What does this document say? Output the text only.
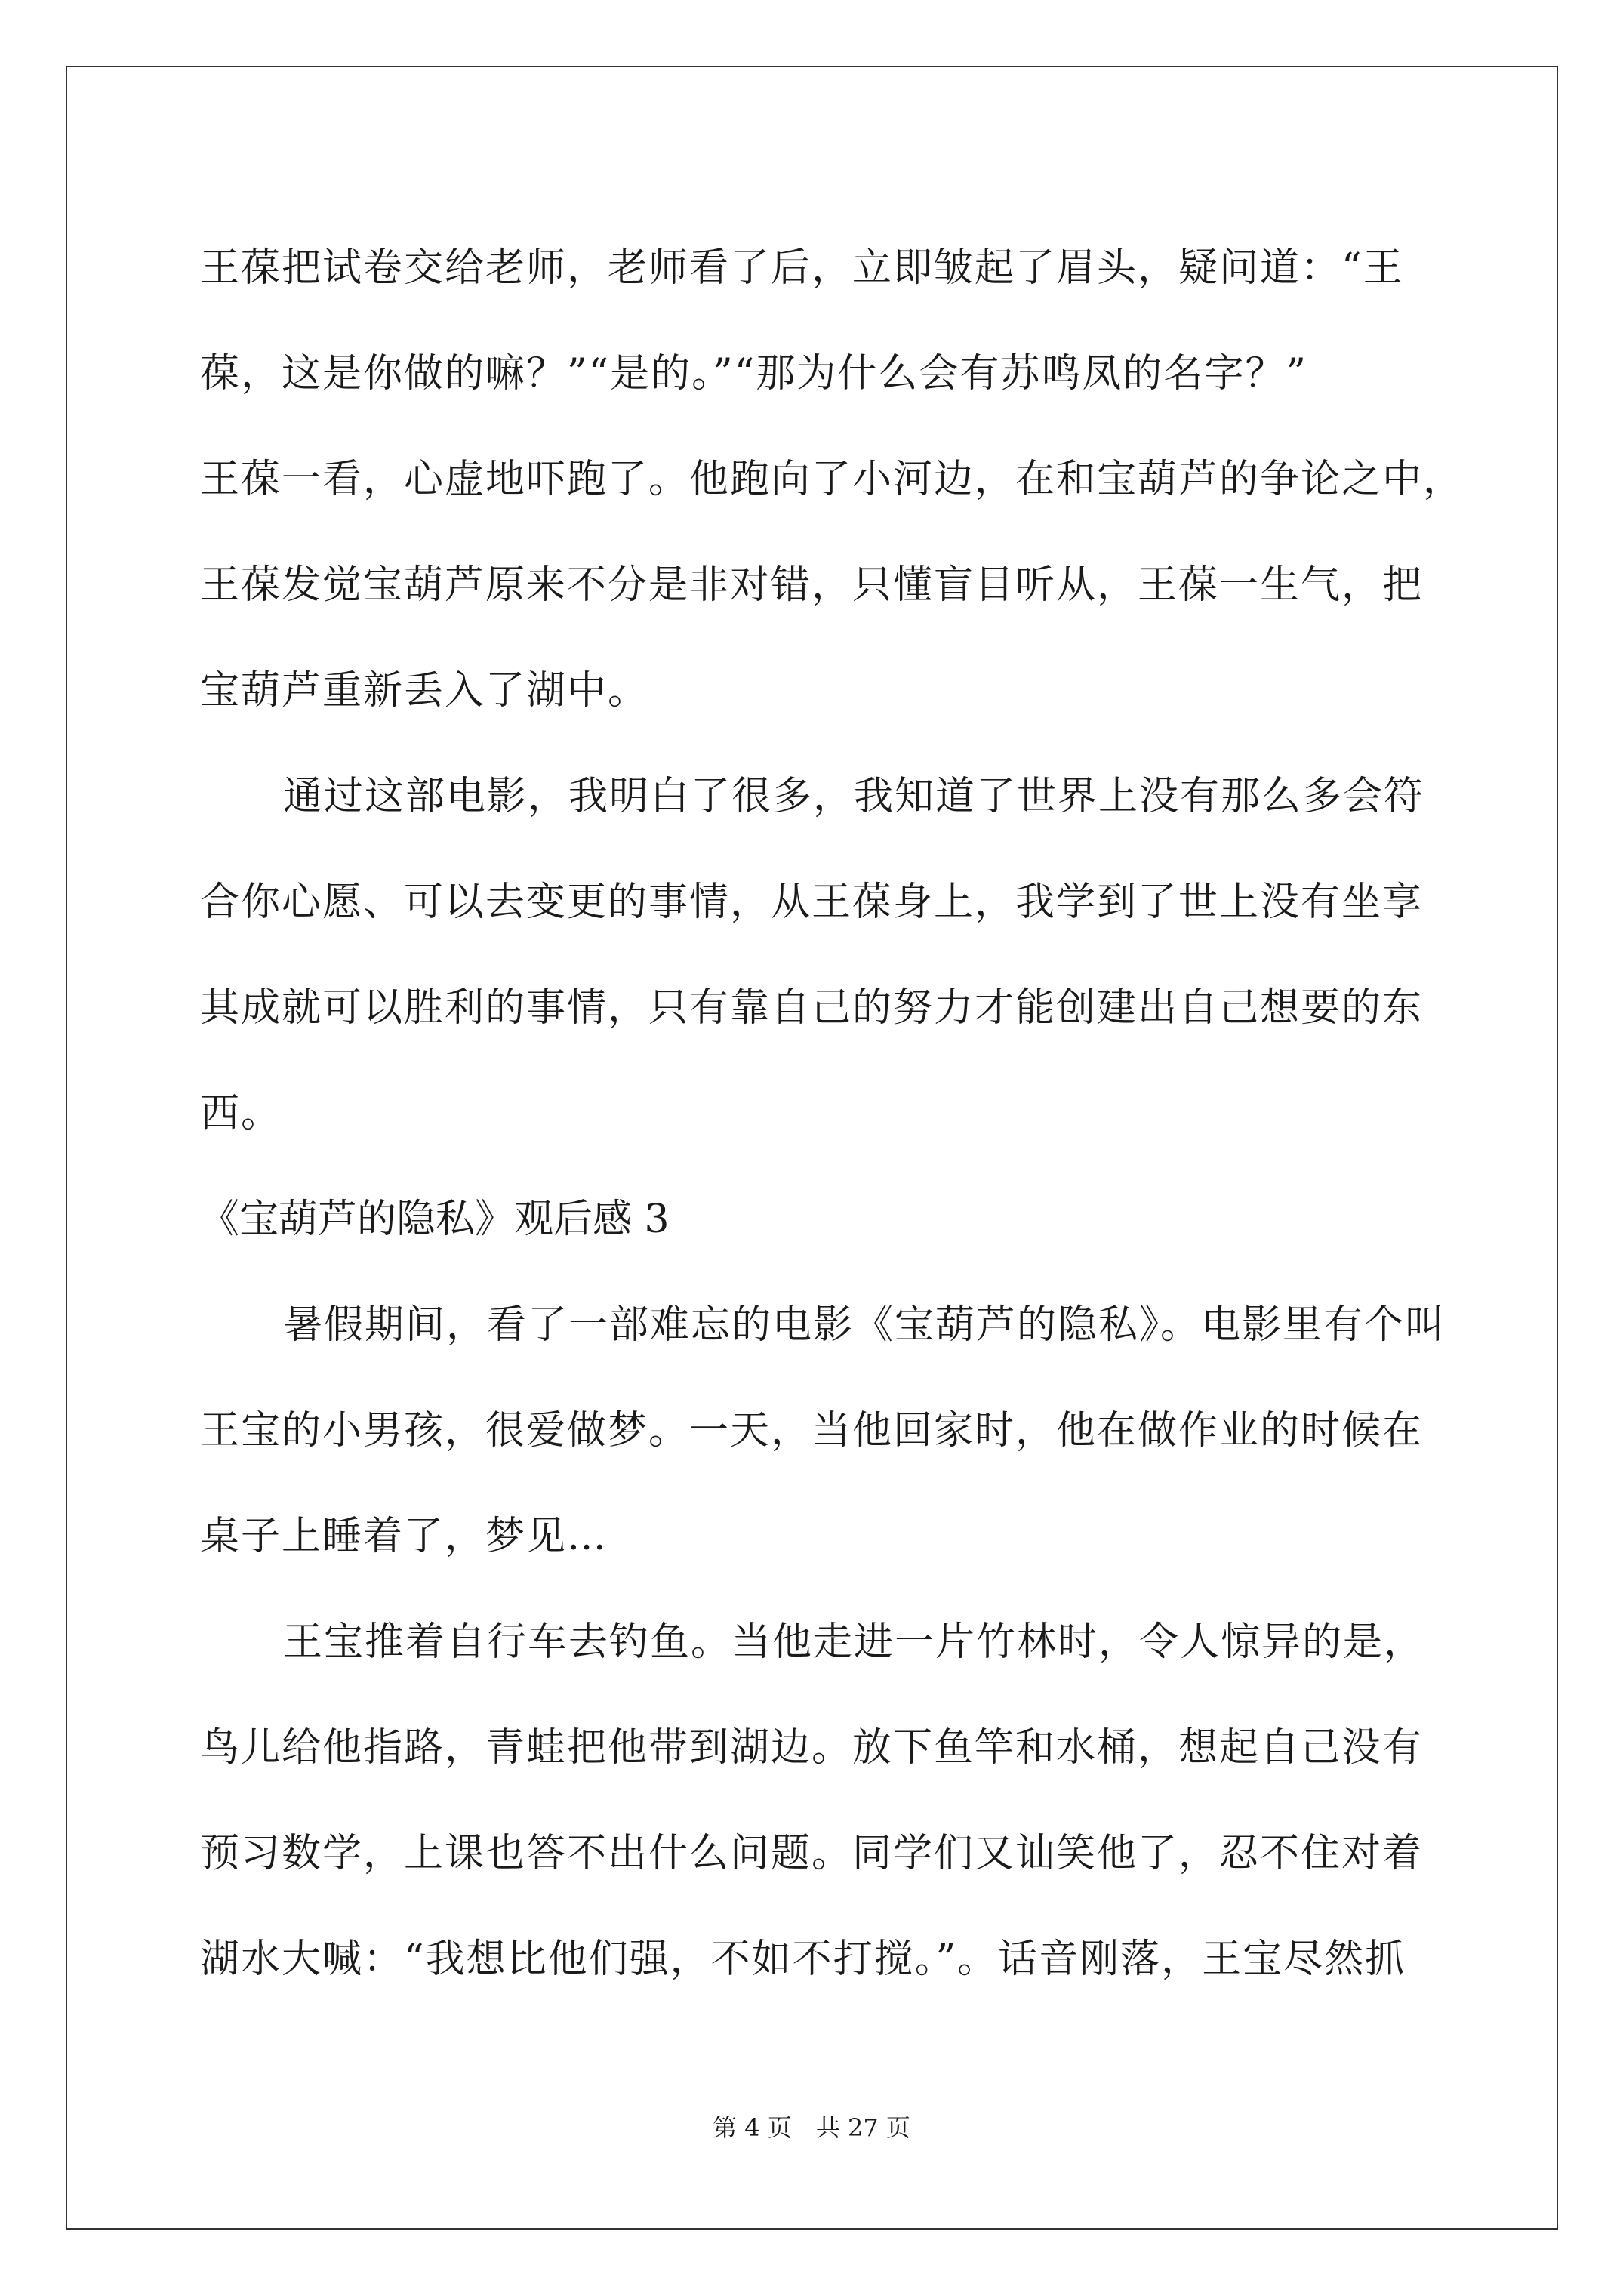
王葆把试卷交给老师，老师看了后，立即皱起了眉头，疑问道：“王
葆，这是你做的嘛？”“是的。”“那为什么会有苏鸣凤的名字？”
王葆一看，心虚地吓跑了。他跑向了小河边，在和宝葫芦的争论之中，
王葆发觉宝葫芦原来不分是非对错，只懂盲目听从，王葆一生气，把
宝葫芦重新丢入了湖中。
通过这部电影，我明白了很多，我知道了世界上没有那么多会符
合你心愿、可以去变更的事情，从王葆身上，我学到了世上没有坐享
其成就可以胜利的事情，只有靠自己的努力才能创建出自己想要的东
西。
《宝葫芦的隐私》观后感 3
暑假期间，看了一部难忘的电影《宝葫芦的隐私》。电影里有个叫
王宝的小男孩，很爱做梦。一天，当他回家时，他在做作业的时候在
桌子上睡着了，梦见…
王宝推着自行车去钓鱼。当他走进一片竹林时，令人惊异的是，
鸟儿给他指路，青蛙把他带到湖边。放下鱼竿和水桶，想起自己没有
预习数学，上课也答不出什么问题。同学们又讪笑他了，忍不住对着
湖水大喊：“我想比他们强，不如不打搅。”。话音刚落，王宝尽然抓
第 4 页　共 27 页
